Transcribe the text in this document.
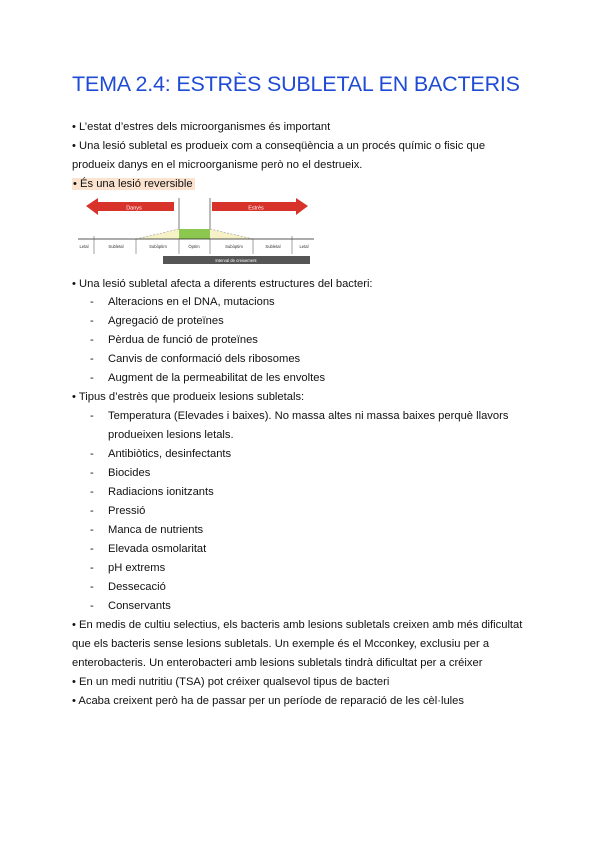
TEMA 2.4: ESTRÈS SUBLETAL EN BACTERIS
• L’estat d’estres dels microorganismes és important
• Una lesió subletal es produeix com a conseqüència a un procés químic o fisic que
produeix danys en el microorganisme però no el destrueix.
• És una lesió reversible
Danys	Estrès
Letal	Subletal	Subòptim	Òptim	Subòptim	Subletal	Letal
Interval de creixement
• Una lesió subletal afecta a diferents estructures del bacteri:
- Alteracions en el DNA, mutacions
- Agregació de proteïnes
- Pèrdua de funció de proteïnes
- Canvis de conformació dels ribosomes
- Augment de la permeabilitat de les envoltes
• Tipus d’estrès que produeix lesions subletals:
- Temperatura (Elevades i baixes). No massa altes ni massa baixes perquè llavors
produeixen lesions letals.
- Antibiòtics, desinfectants
- Biocides
- Radiacions ionitzants
- Pressió
- Manca de nutrients
- Elevada osmolaritat
- pH extrems
- Dessecació
- Conservants
• En medis de cultiu selectius, els bacteris amb lesions subletals creixen amb més dificultat
que els bacteris sense lesions subletals. Un exemple és el Mcconkey, exclusiu per a
enterobacteris. Un enterobacteri amb lesions subletals tindrà dificultat per a créixer
• En un medi nutritiu (TSA) pot créixer qualsevol tipus de bacteri
• Acaba creixent però ha de passar per un període de reparació de les cèl·lules
